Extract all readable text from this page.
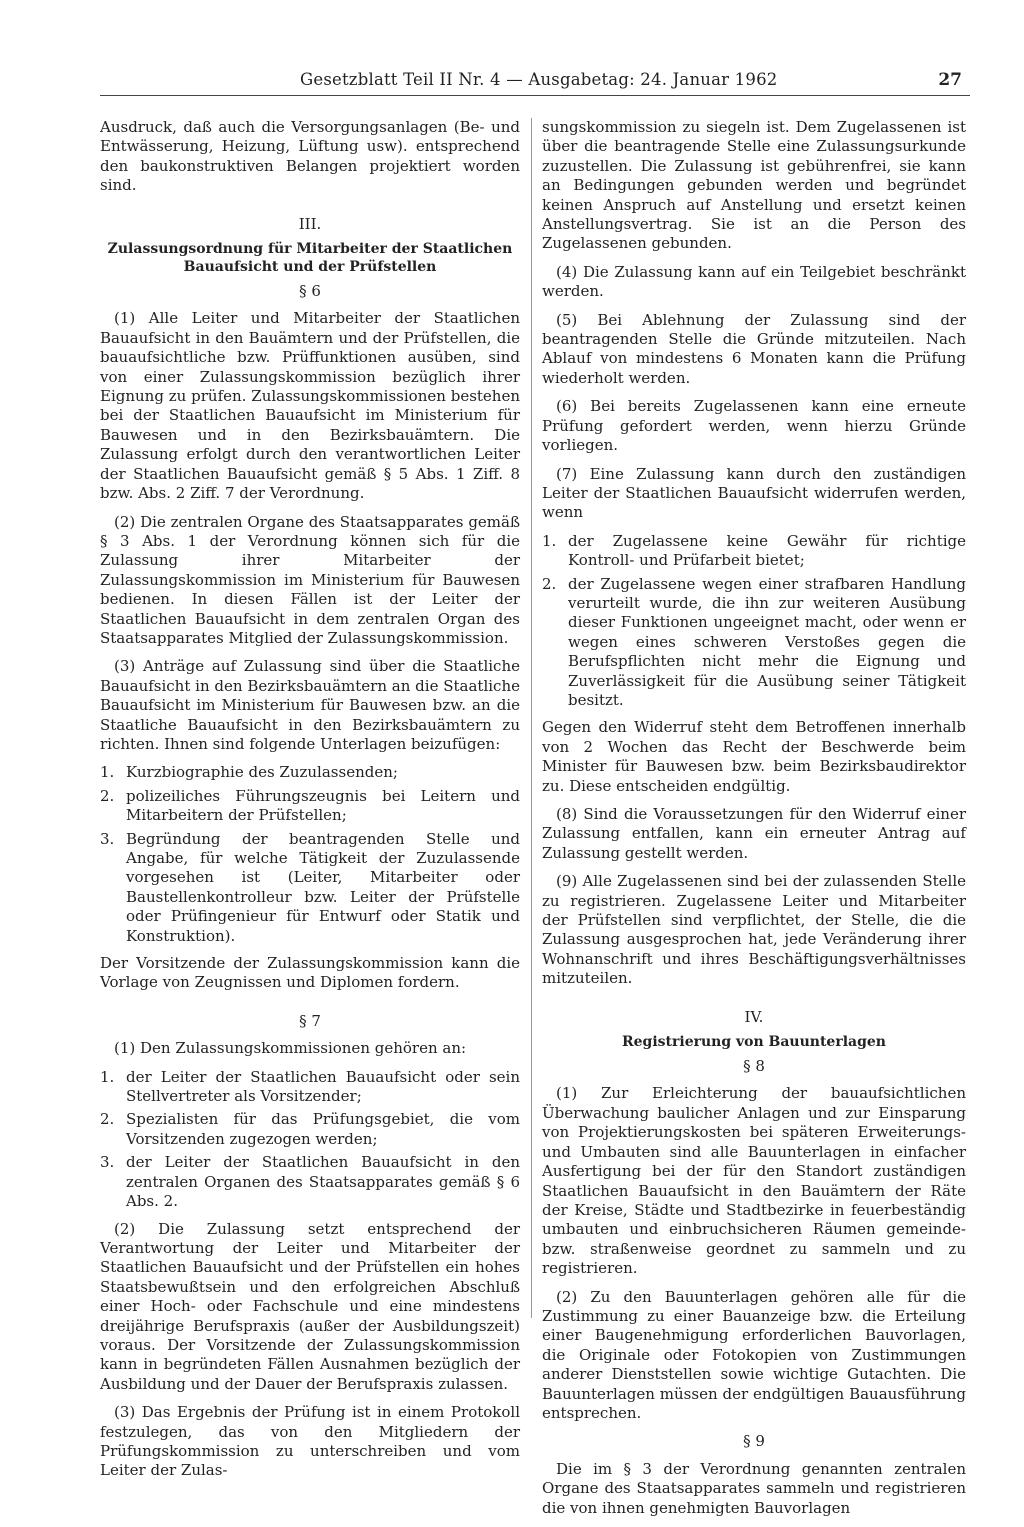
Gesetzblatt Teil II Nr. 4 — Ausgabetag: 24. Januar 1962	27

Ausdruck, daß auch die Versorgungsanlagen (Be- und Entwässerung, Heizung, Lüftung usw). entsprechend den baukonstruktiven Belangen projektiert worden sind.

III.
Zulassungsordnung für Mitarbeiter der Staatlichen Bauaufsicht und der Prüfstellen
§ 6

(1) Alle Leiter und Mitarbeiter der Staatlichen Bauaufsicht in den Bauämtern und der Prüfstellen, die bauaufsichtliche bzw. Prüffunktionen ausüben, sind von einer Zulassungskommission bezüglich ihrer Eignung zu prüfen. Zulassungskommissionen bestehen bei der Staatlichen Bauaufsicht im Ministerium für Bauwesen und in den Bezirksbauämtern. Die Zulassung erfolgt durch den verantwortlichen Leiter der Staatlichen Bauaufsicht gemäß § 5 Abs. 1 Ziff. 8 bzw. Abs. 2 Ziff. 7 der Verordnung.

(2) Die zentralen Organe des Staatsapparates gemäß § 3 Abs. 1 der Verordnung können sich für die Zulassung ihrer Mitarbeiter der Zulassungskommission im Ministerium für Bauwesen bedienen. In diesen Fällen ist der Leiter der Staatlichen Bauaufsicht in dem zentralen Organ des Staatsapparates Mitglied der Zulassungskommission.

(3) Anträge auf Zulassung sind über die Staatliche Bauaufsicht in den Bezirksbauämtern an die Staatliche Bauaufsicht im Ministerium für Bauwesen bzw. an die Staatliche Bauaufsicht in den Bezirksbauämtern zu richten. Ihnen sind folgende Unterlagen beizufügen:

1. Kurzbiographie des Zuzulassenden;
2. polizeiliches Führungszeugnis bei Leitern und Mitarbeitern der Prüfstellen;
3. Begründung der beantragenden Stelle und Angabe, für welche Tätigkeit der Zuzulassende vorgesehen ist (Leiter, Mitarbeiter oder Baustellenkontrolleur bzw. Leiter der Prüfstelle oder Prüfingenieur für Entwurf oder Statik und Konstruktion).

Der Vorsitzende der Zulassungskommission kann die Vorlage von Zeugnissen und Diplomen fordern.

§ 7

(1) Den Zulassungskommissionen gehören an:

1. der Leiter der Staatlichen Bauaufsicht oder sein Stellvertreter als Vorsitzender;
2. Spezialisten für das Prüfungsgebiet, die vom Vorsitzenden zugezogen werden;
3. der Leiter der Staatlichen Bauaufsicht in den zentralen Organen des Staatsapparates gemäß § 6 Abs. 2.

(2) Die Zulassung setzt entsprechend der Verantwortung der Leiter und Mitarbeiter der Staatlichen Bauaufsicht und der Prüfstellen ein hohes Staatsbewußtsein und den erfolgreichen Abschluß einer Hoch- oder Fachschule und eine mindestens dreijährige Berufspraxis (außer der Ausbildungszeit) voraus. Der Vorsitzende der Zulassungskommission kann in begründeten Fällen Ausnahmen bezüglich der Ausbildung und der Dauer der Berufspraxis zulassen.

(3) Das Ergebnis der Prüfung ist in einem Protokoll festzulegen, das von den Mitgliedern der Prüfungskommission zu unterschreiben und vom Leiter der Zulas-

sungskommission zu siegeln ist. Dem Zugelassenen ist über die beantragende Stelle eine Zulassungsurkunde zuzustellen. Die Zulassung ist gebührenfrei, sie kann an Bedingungen gebunden werden und begründet keinen Anspruch auf Anstellung und ersetzt keinen Anstellungsvertrag. Sie ist an die Person des Zugelassenen gebunden.

(4) Die Zulassung kann auf ein Teilgebiet beschränkt werden.

(5) Bei Ablehnung der Zulassung sind der beantragenden Stelle die Gründe mitzuteilen. Nach Ablauf von mindestens 6 Monaten kann die Prüfung wiederholt werden.

(6) Bei bereits Zugelassenen kann eine erneute Prüfung gefordert werden, wenn hierzu Gründe vorliegen.

(7) Eine Zulassung kann durch den zuständigen Leiter der Staatlichen Bauaufsicht widerrufen werden, wenn

1. der Zugelassene keine Gewähr für richtige Kontroll- und Prüfarbeit bietet;
2. der Zugelassene wegen einer strafbaren Handlung verurteilt wurde, die ihn zur weiteren Ausübung dieser Funktionen ungeeignet macht, oder wenn er wegen eines schweren Verstoßes gegen die Berufspflichten nicht mehr die Eignung und Zuverlässigkeit für die Ausübung seiner Tätigkeit besitzt.

Gegen den Widerruf steht dem Betroffenen innerhalb von 2 Wochen das Recht der Beschwerde beim Minister für Bauwesen bzw. beim Bezirksbaudirektor zu. Diese entscheiden endgültig.

(8) Sind die Voraussetzungen für den Widerruf einer Zulassung entfallen, kann ein erneuter Antrag auf Zulassung gestellt werden.

(9) Alle Zugelassenen sind bei der zulassenden Stelle zu registrieren. Zugelassene Leiter und Mitarbeiter der Prüfstellen sind verpflichtet, der Stelle, die die Zulassung ausgesprochen hat, jede Veränderung ihrer Wohnanschrift und ihres Beschäftigungsverhältnisses mitzuteilen.

IV.
Registrierung von Bauunterlagen
§ 8

(1) Zur Erleichterung der bauaufsichtlichen Überwachung baulicher Anlagen und zur Einsparung von Projektierungskosten bei späteren Erweiterungs- und Umbauten sind alle Bauunterlagen in einfacher Ausfertigung bei der für den Standort zuständigen Staatlichen Bauaufsicht in den Bauämtern der Räte der Kreise, Städte und Stadtbezirke in feuerbeständig umbauten und einbruchsicheren Räumen gemeinde- bzw. straßenweise geordnet zu sammeln und zu registrieren.

(2) Zu den Bauunterlagen gehören alle für die Zustimmung zu einer Bauanzeige bzw. die Erteilung einer Baugenehmigung erforderlichen Bauvorlagen, die Originale oder Fotokopien von Zustimmungen anderer Dienststellen sowie wichtige Gutachten. Die Bauunterlagen müssen der endgültigen Bauausführung entsprechen.

§ 9

Die im § 3 der Verordnung genannten zentralen Organe des Staatsapparates sammeln und registrieren die von ihnen genehmigten Bauvorlagen
